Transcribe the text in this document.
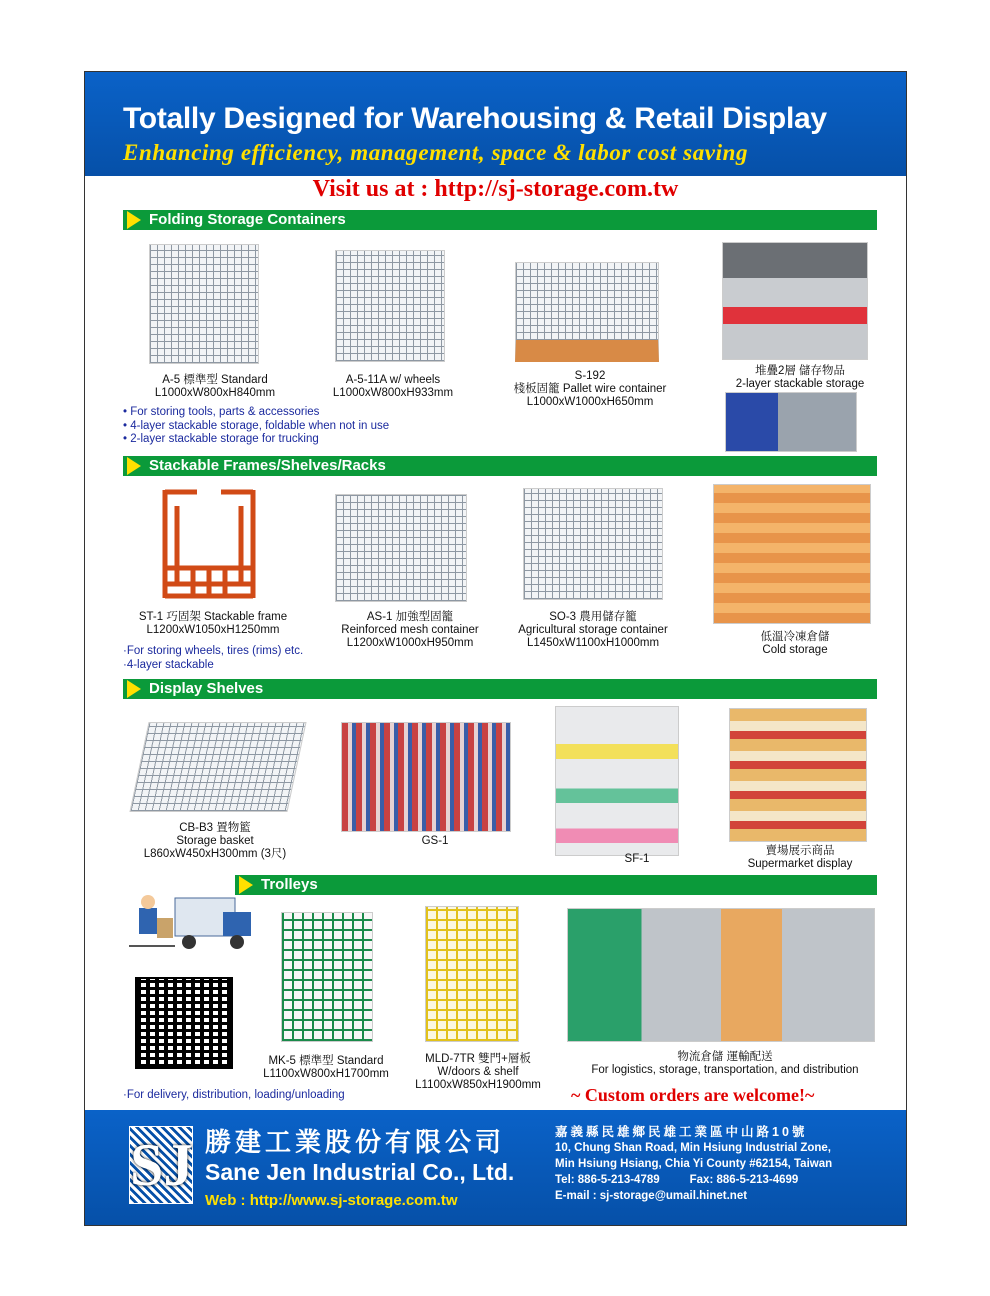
Totally Designed for Warehousing & Retail Display
Enhancing efficiency, management, space & labor cost saving
Visit us at : http://sj-storage.com.tw
Folding Storage Containers
A-5 標準型 Standard
L1000xW800xH840mm
A-5-11A w/ wheels
L1000xW800xH933mm
S-192
棧板固籠 Pallet wire container
L1000xW1000xH650mm
堆疊2層 儲存物品
2-layer stackable storage
• For storing tools, parts & accessories
• 4-layer stackable storage, foldable when not in use
• 2-layer stackable storage for trucking
Stackable Frames/Shelves/Racks
ST-1 巧固架 Stackable frame
L1200xW1050xH1250mm
AS-1 加強型固籠
Reinforced mesh container
L1200xW1000xH950mm
SO-3 農用儲存籠
Agricultural storage container
L1450xW1100xH1000mm	低溫冷凍倉儲
Cold storage
·For storing wheels, tires (rims) etc.
·4-layer stackable
Display Shelves
CB-B3 置物籃
Storage basket
L860xW450xH300mm (3尺)
GS-1
SF-1
賣場展示商品
Supermarket display
Trolleys
MK-5 標準型 Standard
L1100xW800xH1700mm
MLD-7TR 雙門+層板
W/doors & shelf
L1100xW850xH1900mm
物流倉儲 運輸配送
For logistics, storage, transportation, and distribution
·For delivery, distribution, loading/unloading	~ Custom orders are welcome!~
SJ 勝建工業股份有限公司
Sane Jen Industrial Co., Ltd.
Web : http://www.sj-storage.com.tw
嘉義縣民雄鄉民雄工業區中山路10號
10, Chung Shan Road, Min Hsiung Industrial Zone,
Min Hsiung Hsiang, Chia Yi County #62154, Taiwan
Tel: 886-5-213-4789	Fax: 886-5-213-4699
E-mail : sj-storage@umail.hinet.net
